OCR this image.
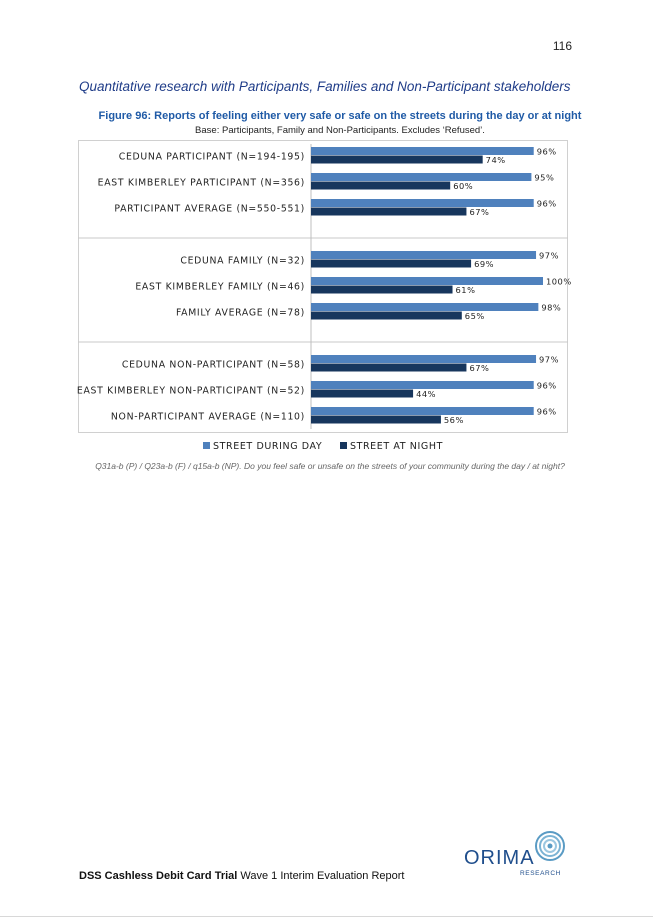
116
Quantitative research with Participants, Families and Non-Participant stakeholders
Figure 96: Reports of feeling either very safe or safe on the streets during the day or at night
Base: Participants, Family and Non-Participants. Excludes ‘Refused’.
CEDUNA PARTICIPANT (N=194-195)	96%
74%
EAST KIMBERLEY PARTICIPANT (N=356)	95%
60%
PARTICIPANT AVERAGE (N=550-551)	96%
67%
CEDUNA FAMILY (N=32)	97%
69%
EAST KIMBERLEY FAMILY (N=46)	100%
61%
FAMILY AVERAGE (N=78)	98%
65%
CEDUNA NON-PARTICIPANT (N=58)	97%
67%
EAST KIMBERLEY NON-PARTICIPANT (N=52)	96%
44%
NON-PARTICIPANT AVERAGE (N=110)	96%
56%
STREET DURING DAY	STREET AT NIGHT
Q31a-b (P) / Q23a-b (F) / q15a-b (NP). Do you feel safe or unsafe on the streets of your community during the day / at night?
ORIMA
RESEARCH
DSS Cashless Debit Card Trial Wave 1 Interim Evaluation Report
